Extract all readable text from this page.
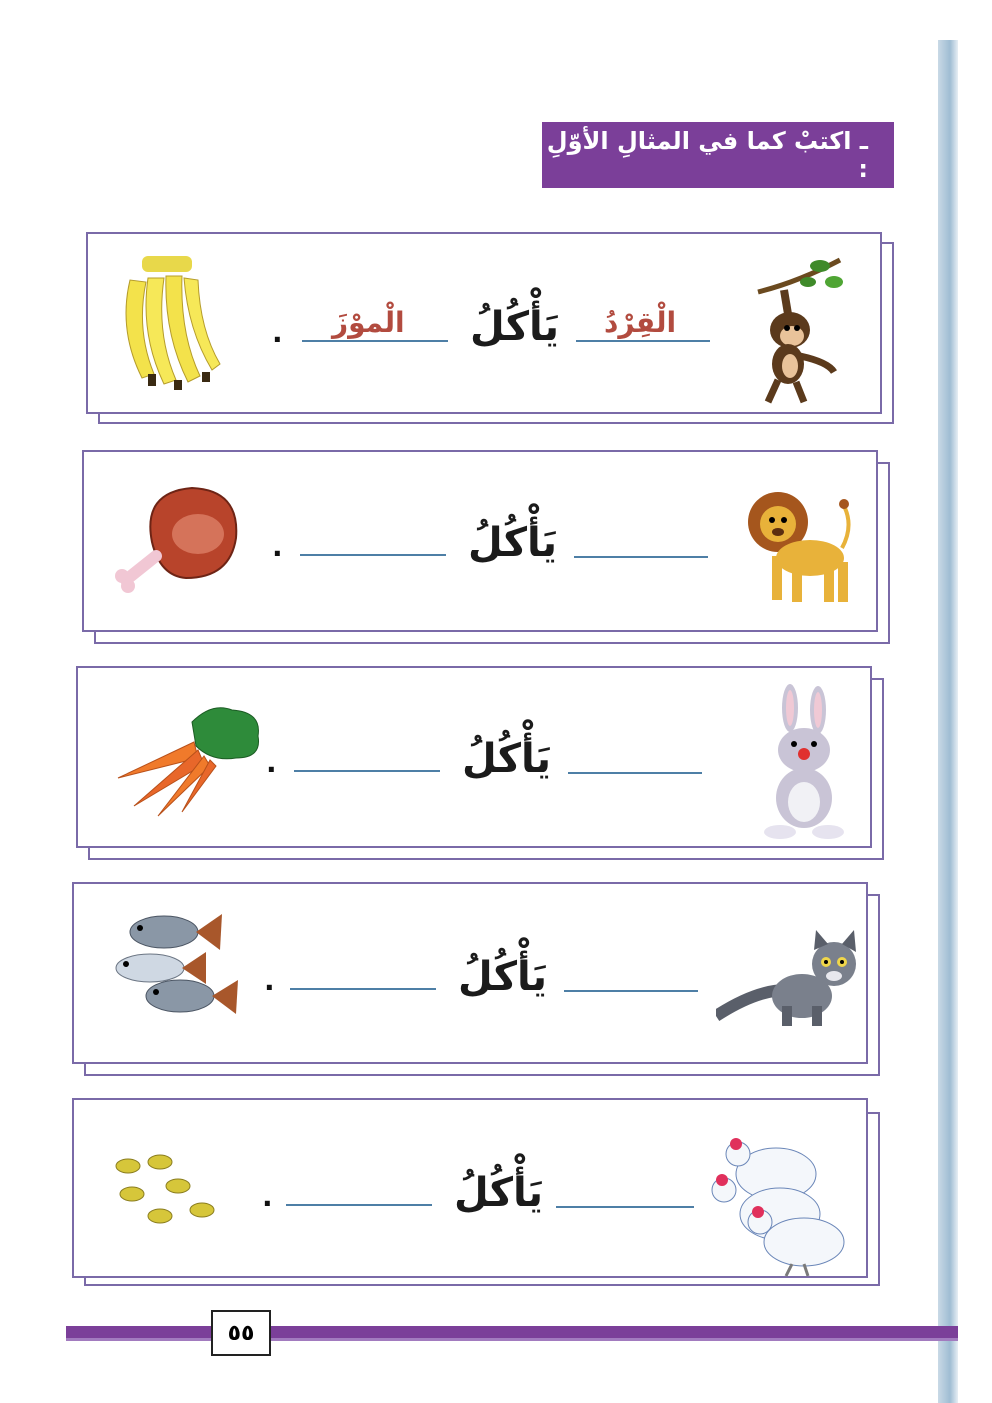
ـ اكتبْ كما في المثالِ الأوّلِ :
الْقِرْدُ
يَأْكُلُ
الْموْزَ
.
يَأْكُلُ
.
يَأْكُلُ
.
يَأْكُلُ
.
يَأْكُلُ
.
٥٥
